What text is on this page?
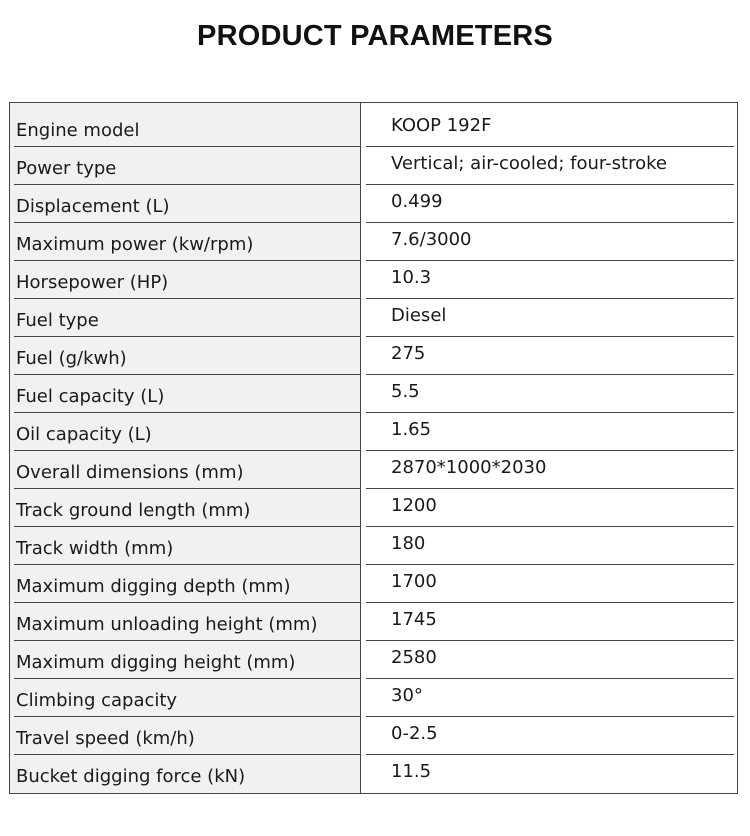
PRODUCT PARAMETERS
Engine model	KOOP 192F
Power type	Vertical; air-cooled; four-stroke
Displacement (L)	0.499
Maximum power (kw/rpm)	7.6/3000
Horsepower (HP)	10.3
Fuel type	Diesel
Fuel (g/kwh)	275
Fuel capacity (L)	5.5
Oil capacity (L)	1.65
Overall dimensions (mm)	2870*1000*2030
Track ground length (mm)	1200
Track width (mm)	180
Maximum digging depth (mm)	1700
Maximum unloading height (mm)	1745
Maximum digging height (mm)	2580
Climbing capacity	30°
Travel speed (km/h)	0-2.5
Bucket digging force (kN)	11.5
